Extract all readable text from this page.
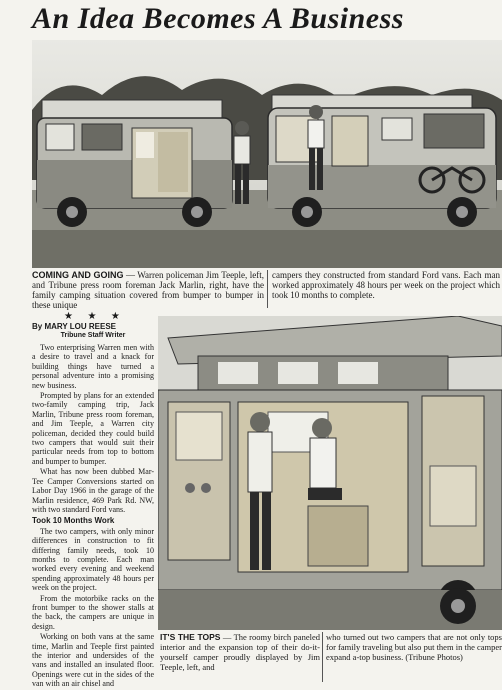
An Idea Becomes A Business
COMING AND GOING — Warren policeman Jim Teeple, left, and Tribune press room foreman Jack Marlin, right, have the family camping situation covered from bumper to bumper in these unique
campers they constructed from standard Ford vans. Each man worked approximately 48 hours per week on the project which took 10 months to complete.
★ ★ ★
By MARY LOU REESE
Tribune Staff Writer

Two enterprising Warren men with a desire to travel and a knack for building things have turned a personal adventure into a promising new business.

Prompted by plans for an extended two-family camping trip, Jack Marlin, Tribune press room foreman, and Jim Teeple, a Warren city policeman, decided they could build two campers that would suit their particular needs from top to bottom and bumper to bumper.

What has now been dubbed Mar-Tee Camper Conversions started on Labor Day 1966 in the garage of the Marlin residence, 469 Park Rd. NW, with two standard Ford vans.

Took 10 Months Work

The two campers, with only minor differences in construction to fit differing family needs, took 10 months to complete. Each man worked every evening and weekend spending approximately 48 hours per week on the project.

From the motorbike racks on the front bumper to the shower stalls at the back, the campers are unique in design.

Working on both vans at the same time, Marlin and Teeple first painted the interior and undersides of the vans and installed an insulated floor. Openings were cut in the sides of the van with an air chisel and

IT'S THE TOPS — The roomy birch paneled interior and the expansion top of their do-it-yourself camper proudly displayed by Jim Teeple, left, and
who turned out two campers that are not only tops for family traveling but also put them in the camper expand a-top business. (Tribune Photos)
